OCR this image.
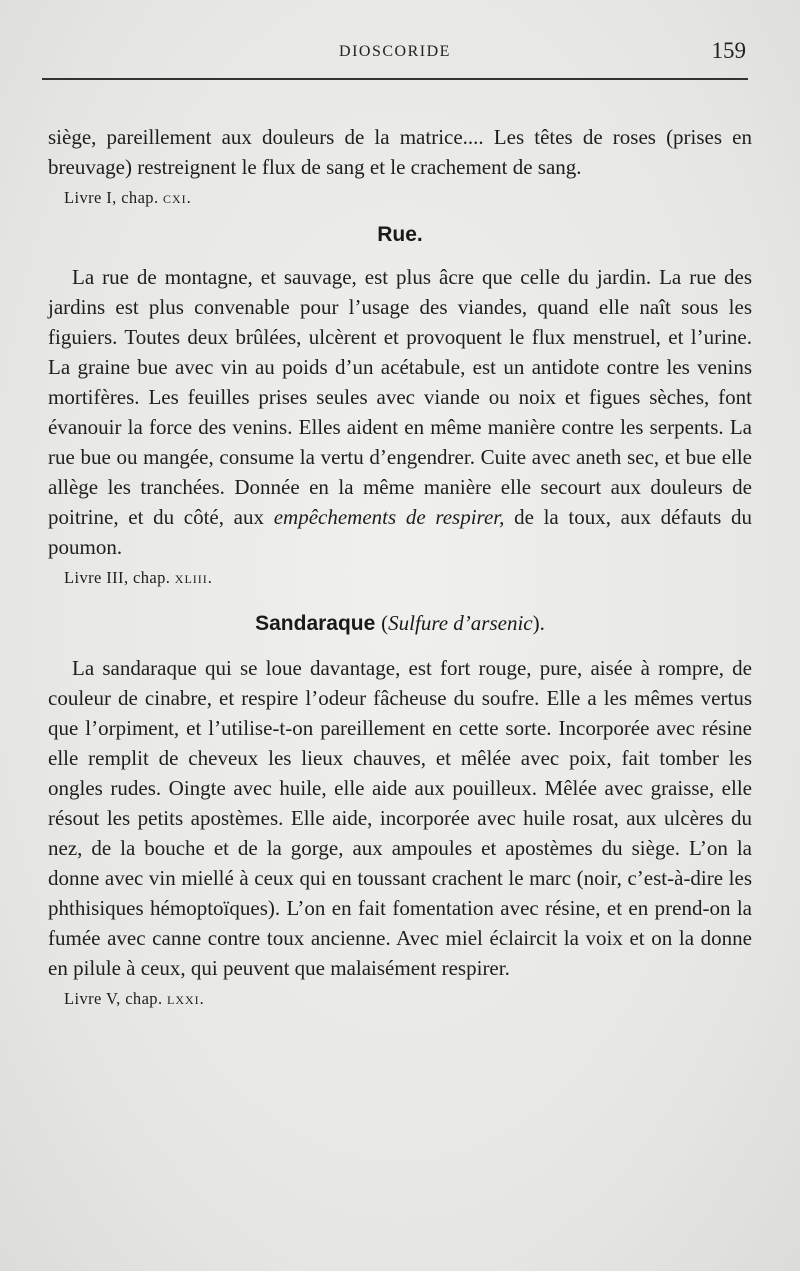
DIOSCORIDE	159

siège, pareillement aux douleurs de la matrice.... Les têtes de roses (prises en breuvage) restreignent le flux de sang et le crachement de sang.

Livre I, chap. cxi.

Rue.

La rue de montagne, et sauvage, est plus âcre que celle du jardin. La rue des jardins est plus convenable pour l’usage des viandes, quand elle naît sous les figuiers. Toutes deux brûlées, ulcèrent et provoquent le flux menstruel, et l’urine. La graine bue avec vin au poids d’un acétabule, est un antidote contre les venins mortifères. Les feuilles prises seules avec viande ou noix et figues sèches, font évanouir la force des venins. Elles aident en même manière contre les serpents. La rue bue ou mangée, consume la vertu d’engendrer. Cuite avec aneth sec, et bue elle allège les tranchées. Donnée en la même manière elle secourt aux douleurs de poitrine, et du côté, aux empêchements de respirer, de la toux, aux défauts du poumon.

Livre III, chap. xliii.

Sandaraque (Sulfure d’arsenic).

La sandaraque qui se loue davantage, est fort rouge, pure, aisée à rompre, de couleur de cinabre, et respire l’odeur fâcheuse du soufre. Elle a les mêmes vertus que l’orpiment, et l’utilise-t-on pareillement en cette sorte. Incorporée avec résine elle remplit de cheveux les lieux chauves, et mêlée avec poix, fait tomber les ongles rudes. Oingte avec huile, elle aide aux pouilleux. Mêlée avec graisse, elle résout les petits apostèmes. Elle aide, incorporée avec huile rosat, aux ulcères du nez, de la bouche et de la gorge, aux ampoules et apostèmes du siège. L’on la donne avec vin miellé à ceux qui en toussant crachent le marc (noir, c’est-à-dire les phthisiques hémoptoïques). L’on en fait fomentation avec résine, et en prend-on la fumée avec canne contre toux ancienne. Avec miel éclaircit la voix et on la donne en pilule à ceux, qui peuvent que malaisément respirer.

Livre V, chap. lxxi.
